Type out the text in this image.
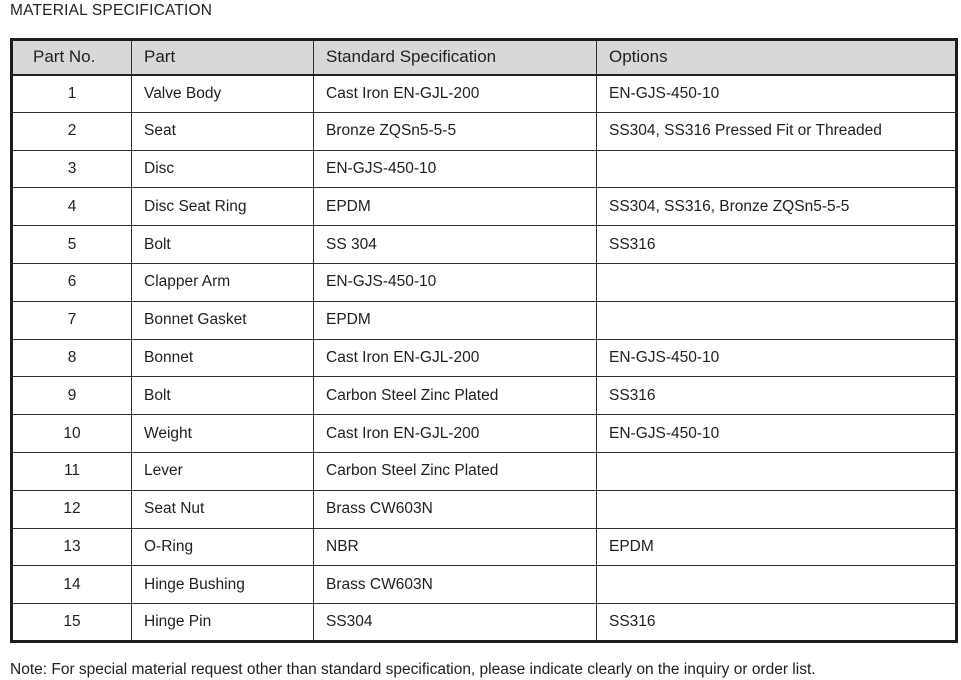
MATERIAL SPECIFICATION
Part No.	Part	Standard Specification	Options
1	Valve Body	Cast Iron EN-GJL-200	EN-GJS-450-10
2	Seat	Bronze ZQSn5-5-5	SS304, SS316 Pressed Fit or Threaded
3	Disc	EN-GJS-450-10	
4	Disc Seat Ring	EPDM	SS304, SS316, Bronze ZQSn5-5-5
5	Bolt	SS 304	SS316
6	Clapper Arm	EN-GJS-450-10	
7	Bonnet Gasket	EPDM	
8	Bonnet	Cast Iron EN-GJL-200	EN-GJS-450-10
9	Bolt	Carbon Steel Zinc Plated	SS316
10	Weight	Cast Iron EN-GJL-200	EN-GJS-450-10
11	Lever	Carbon Steel Zinc Plated	
12	Seat Nut	Brass CW603N	
13	O-Ring	NBR	EPDM
14	Hinge Bushing	Brass CW603N	
15	Hinge Pin	SS304	SS316
Note: For special material request other than standard specification, please indicate clearly on the inquiry or order list.
